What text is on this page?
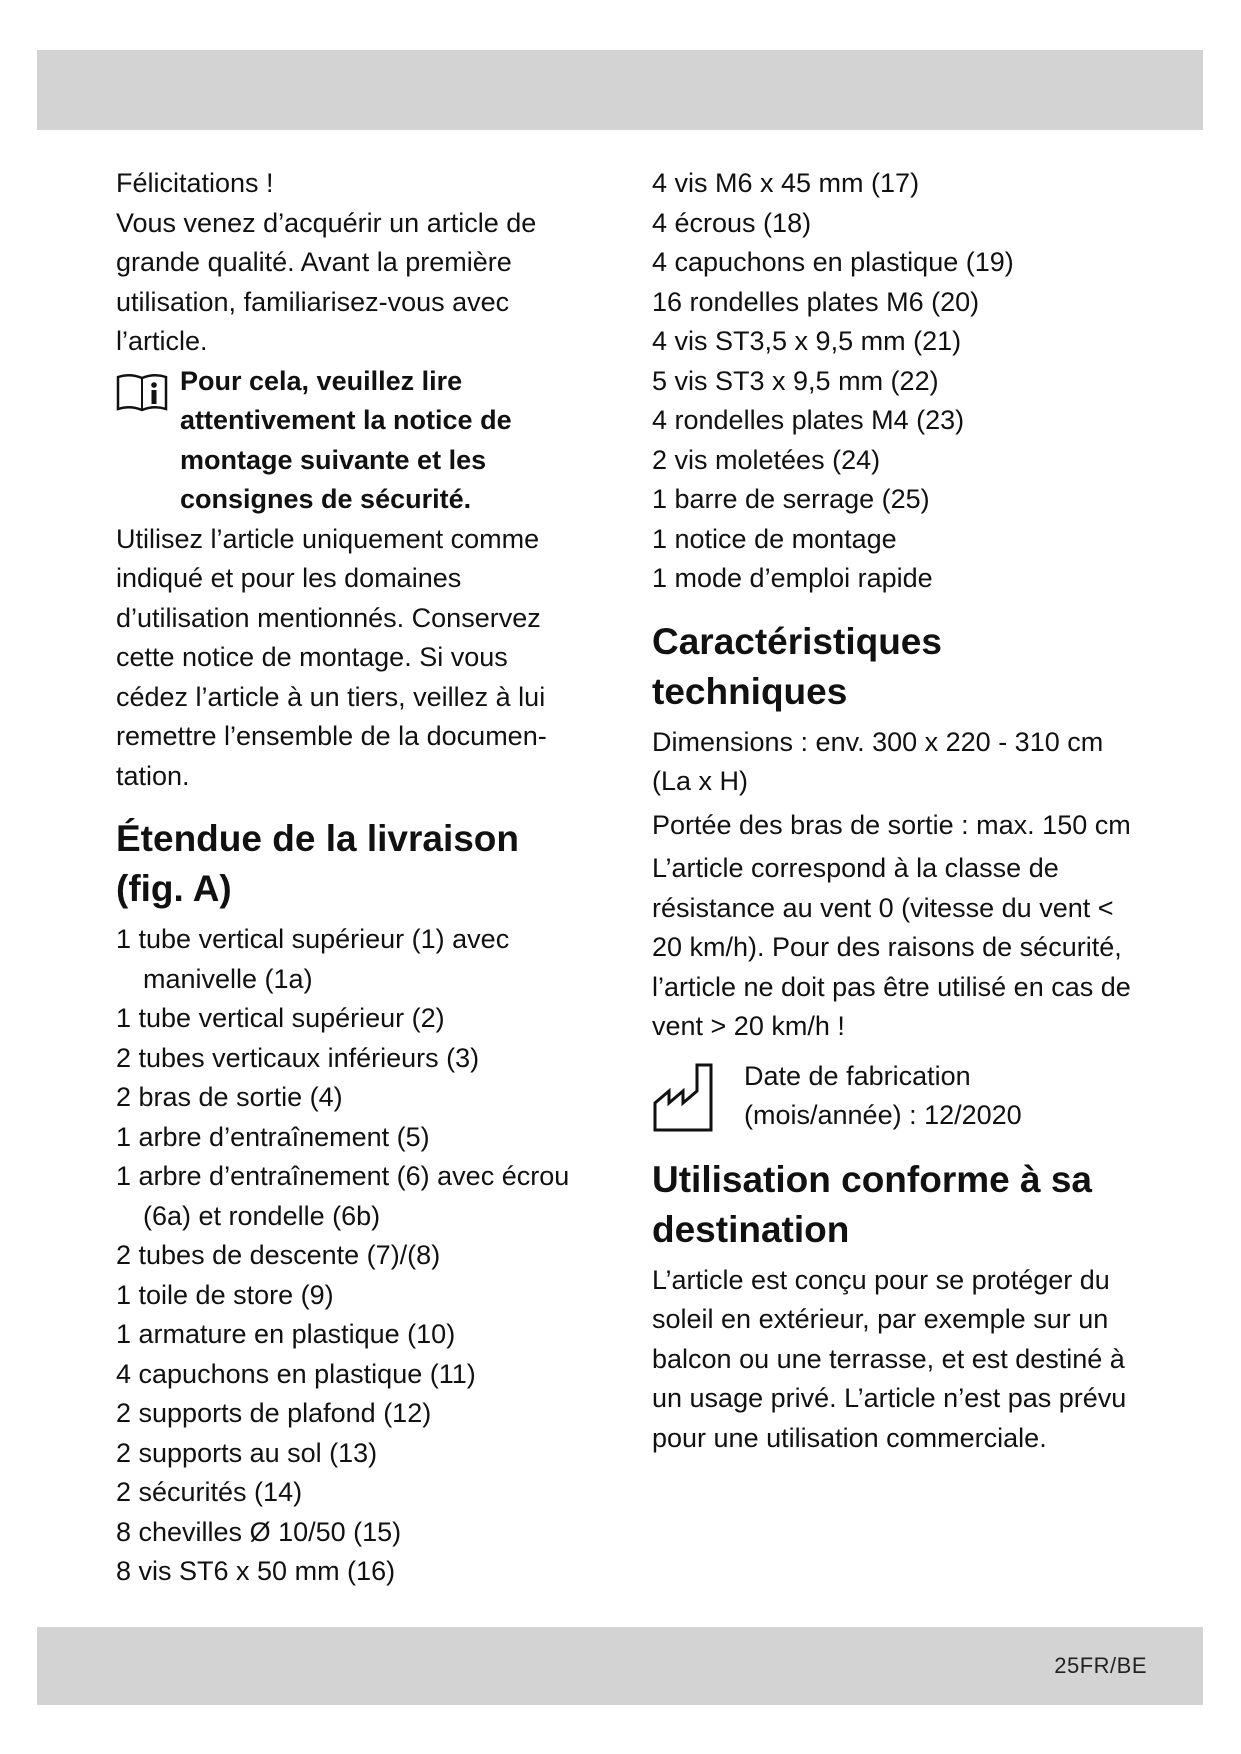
Félicitations !

Vous venez d’acquérir un article de grande qualité. Avant la première utilisation, familiarisez-vous avec l’article.

Pour cela, veuillez lire attentivement la notice de montage suivante et les consignes de sécurité.

Utilisez l’article uniquement comme indiqué et pour les domaines d’utilisation mentionnés. Conservez cette notice de montage. Si vous cédez l’article à un tiers, veillez à lui remettre l’ensemble de la documen-tation.

Étendue de la livraison (fig. A)
1 tube vertical supérieur (1) avec manivelle (1a)
1 tube vertical supérieur (2)
2 tubes verticaux inférieurs (3)
2 bras de sortie (4)
1 arbre d’entraînement (5)
1 arbre d’entraînement (6) avec écrou (6a) et rondelle (6b)
2 tubes de descente (7)/(8)
1 toile de store (9)
1 armature en plastique (10)
4 capuchons en plastique (11)
2 supports de plafond (12)
2 supports au sol (13)
2 sécurités (14)
8 chevilles Ø 10/50 (15)
8 vis ST6 x 50 mm (16)
4 vis M6 x 45 mm (17)
4 écrous (18)
4 capuchons en plastique (19)
16 rondelles plates M6 (20)
4 vis ST3,5 x 9,5 mm (21)
5 vis ST3 x 9,5 mm (22)
4 rondelles plates M4 (23)
2 vis moletées (24)
1 barre de serrage (25)
1 notice de montage
1 mode d’emploi rapide
Caractéristiques techniques

Dimensions : env. 300 x 220 - 310 cm (La x H)

Portée des bras de sortie : max. 150 cm

L’article correspond à la classe de résistance au vent 0 (vitesse du vent < 20 km/h). Pour des raisons de sécurité, l’article ne doit pas être utilisé en cas de vent > 20 km/h !

Date de fabrication

(mois/année) : 12/2020

Utilisation conforme à sa destination

L’article est conçu pour se protéger du soleil en extérieur, par exemple sur un balcon ou une terrasse, et est destiné à un usage privé. L’article n’est pas prévu pour une utilisation commerciale.

25FR/BE
